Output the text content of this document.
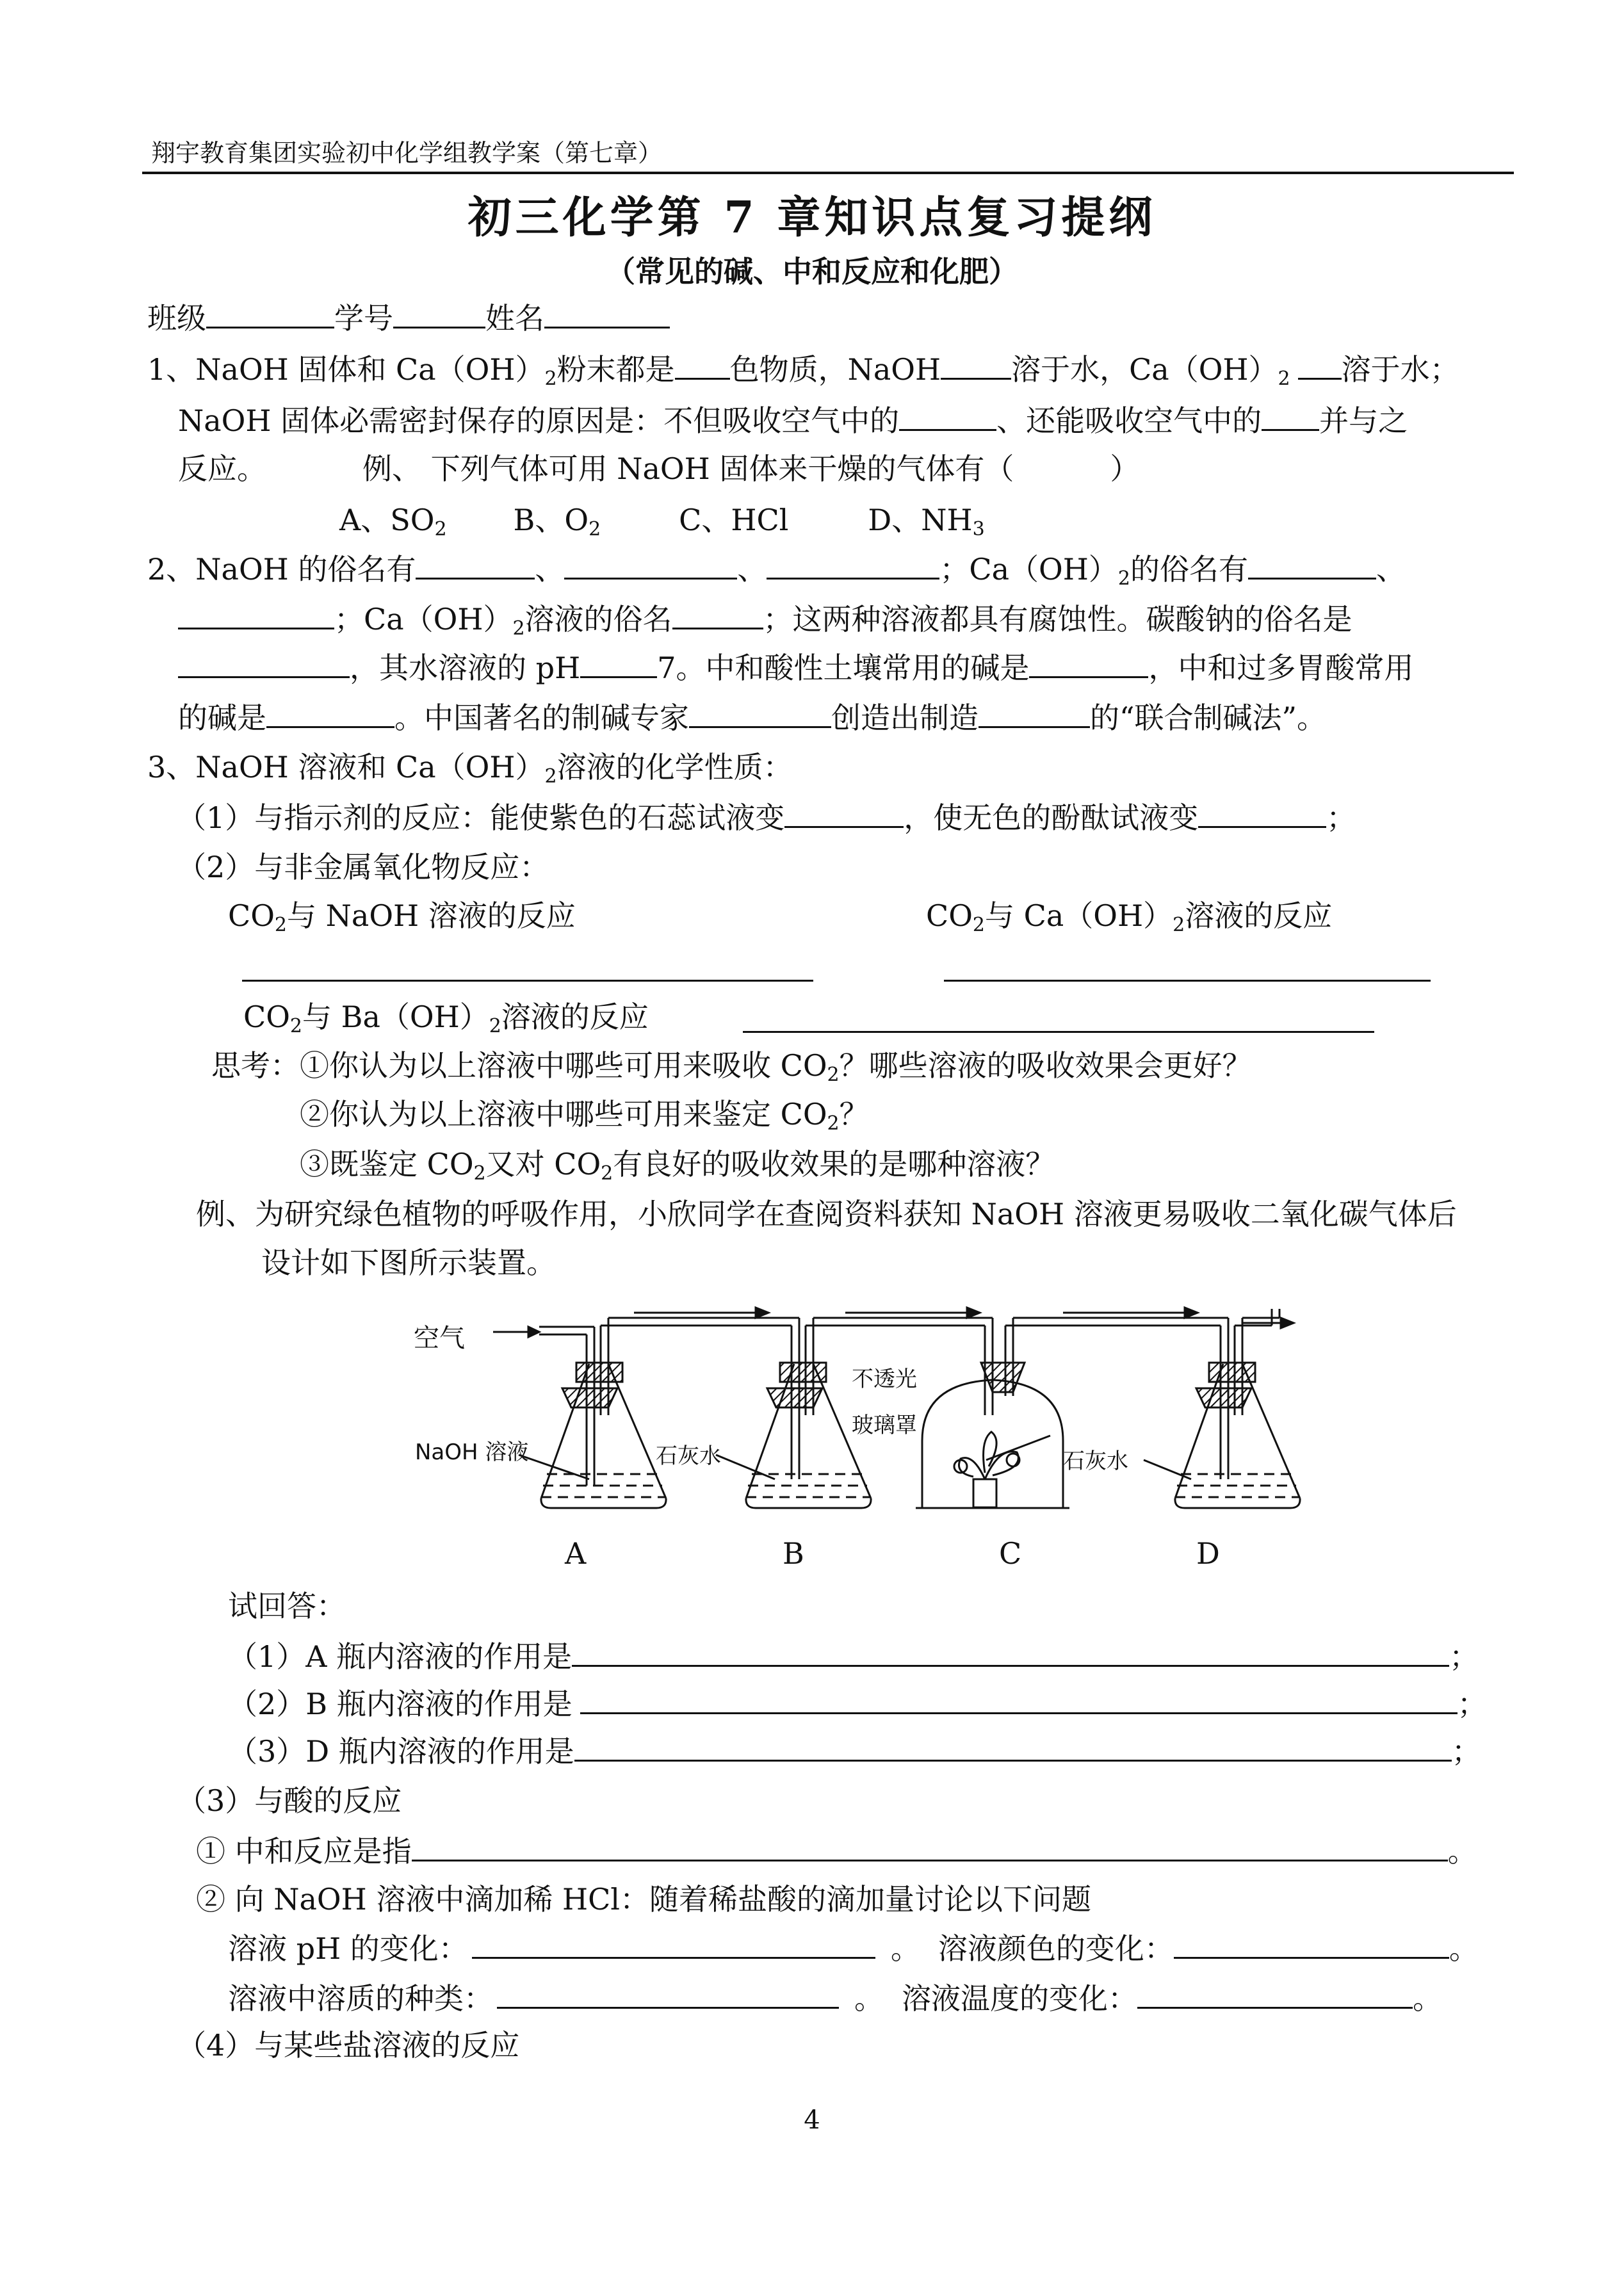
翔宇教育集团实验初中化学组教学案（第七章）
初三化学第 7 章知识点复习提纲
（常见的碱、中和反应和化肥）
班级	学号	姓名
1、NaOH 固体和 $Ca(OH)_2$粉末都是 色物质，NaOH 溶于水，$Ca(OH)_2$ 溶于水；
NaOH 固体必需密封保存的原因是：不但吸收空气中的	、还能吸收空气中的 并与之
反应。	例、 下列气体可用 NaOH 固体来干燥的气体有（	）
A、$SO_2$ B、$O_2$	C、HCl	D、$NH_3$
2、NaOH 的俗名有	、	、	；$Ca(OH)_2$的俗名有	、
；$Ca(OH)_2$溶液的俗名	；这两种溶液都具有腐蚀性。碳酸钠的俗名是
，其水溶液的 pH	7。中和酸性土壤常用的碱是	，中和过多胃酸常用
的碱是	。中国著名的制碱专家	创造出制造	的“联合制碱法”。
3、NaOH 溶液和 $Ca(OH)_2$溶液的化学性质：
（1）与指示剂的反应：能使紫色的石蕊试液变	，使无色的酚酞试液变	；
（2）与非金属氧化物反应：
$CO_2$与 NaOH 溶液的反应	$CO_2$与 $Ca(OH)_2$溶液的反应
$CO_2$与 $Ba(OH)_2$溶液的反应
思考：①你认为以上溶液中哪些可用来吸收 $CO_2$？哪些溶液的吸收效果会更好？
②你认为以上溶液中哪些可用来鉴定 $CO_2$？
③既鉴定 $CO_2$又对 $CO_2$有良好的吸收效果的是哪种溶液？
例、为研究绿色植物的呼吸作用，小欣同学在查阅资料获知 NaOH 溶液更易吸收二氧化碳气体后
设计如下图所示装置。
空气
NaOH 溶液	石灰水
不透光
玻璃罩
石灰水
A	B	C	D
试回答：
（1）A 瓶内溶液的作用是	；
（2）B 瓶内溶液的作用是	；
（3）D 瓶内溶液的作用是	；
（3）与酸的反应
① 中和反应是指	。
② 向 NaOH 溶液中滴加稀 HCl：随着稀盐酸的滴加量讨论以下问题
溶液 pH 的变化：	。 溶液颜色的变化：	。
溶液中溶质的种类：	。 溶液温度的变化：	。
（4）与某些盐溶液的反应
4
